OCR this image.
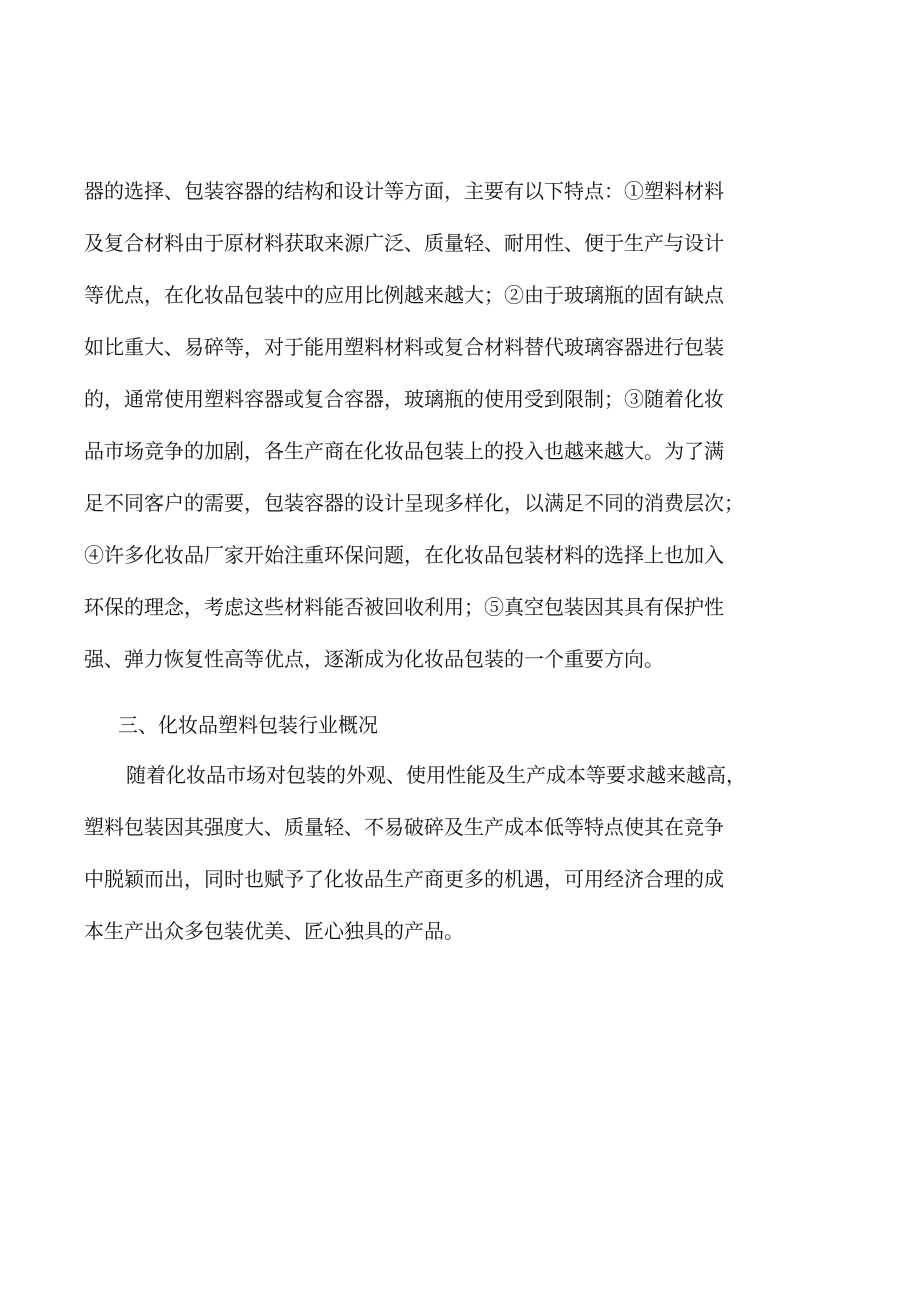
器的选择、包装容器的结构和设计等方面，主要有以下特点：①塑料材料
及复合材料由于原材料获取来源广泛、质量轻、耐用性、便于生产与设计
等优点，在化妆品包装中的应用比例越来越大；②由于玻璃瓶的固有缺点
如比重大、易碎等，对于能用塑料材料或复合材料替代玻璃容器进行包装
的，通常使用塑料容器或复合容器，玻璃瓶的使用受到限制；③随着化妆
品市场竞争的加剧，各生产商在化妆品包装上的投入也越来越大。为了满
足不同客户的需要，包装容器的设计呈现多样化，以满足不同的消费层次；
④许多化妆品厂家开始注重环保问题，在化妆品包装材料的选择上也加入
环保的理念，考虑这些材料能否被回收利用；⑤真空包装因其具有保护性
强、弹力恢复性高等优点，逐渐成为化妆品包装的一个重要方向。
三、化妆品塑料包装行业概况
随着化妆品市场对包装的外观、使用性能及生产成本等要求越来越高，
塑料包装因其强度大、质量轻、不易破碎及生产成本低等特点使其在竞争
中脱颖而出，同时也赋予了化妆品生产商更多的机遇，可用经济合理的成
本生产出众多包装优美、匠心独具的产品。
